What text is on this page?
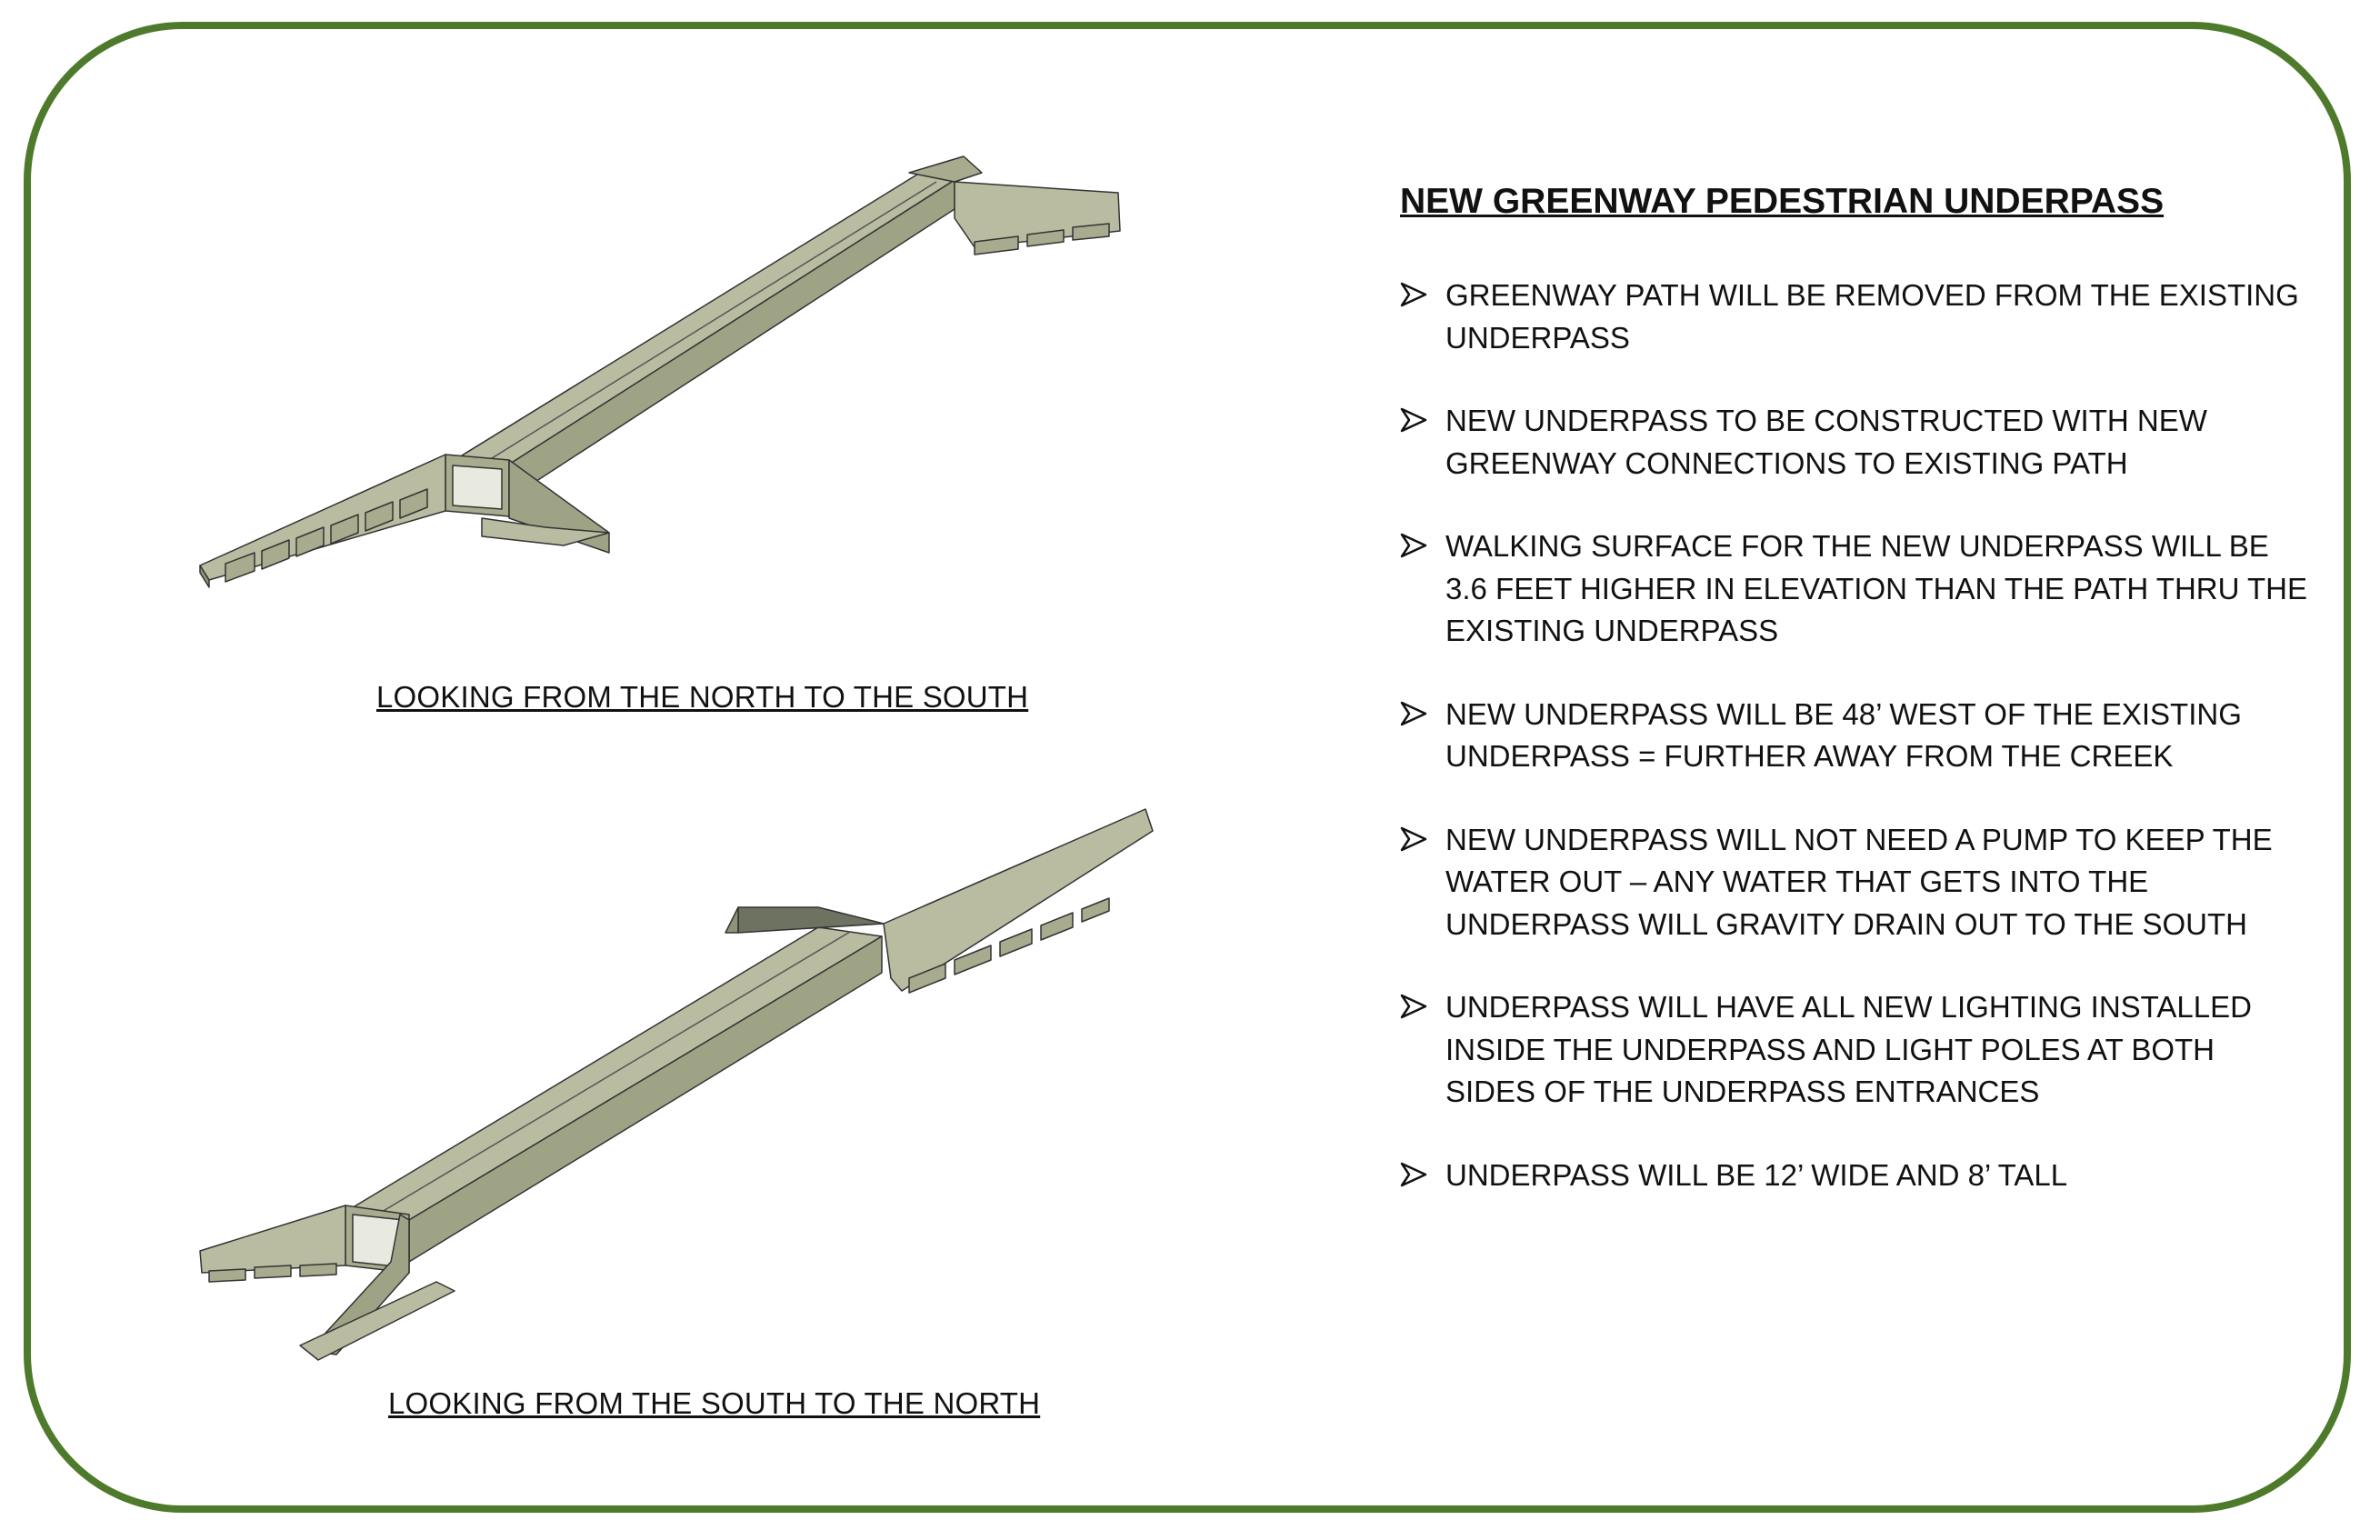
LOOKING FROM THE NORTH TO THE SOUTH
LOOKING FROM THE SOUTH TO THE NORTH
NEW GREENWAY PEDESTRIAN UNDERPASS
GREENWAY PATH WILL BE REMOVED FROM THE EXISTING UNDERPASS
NEW UNDERPASS TO BE CONSTRUCTED WITH NEW GREENWAY CONNECTIONS TO EXISTING PATH
WALKING SURFACE FOR THE NEW UNDERPASS WILL BE 3.6 FEET HIGHER IN ELEVATION THAN THE PATH THRU THE EXISTING UNDERPASS
NEW UNDERPASS WILL BE 48’ WEST OF THE EXISTING UNDERPASS = FURTHER AWAY FROM THE CREEK
NEW UNDERPASS WILL NOT NEED A PUMP TO KEEP THE WATER OUT – ANY WATER THAT GETS INTO THE UNDERPASS WILL GRAVITY DRAIN OUT TO THE SOUTH
UNDERPASS WILL HAVE ALL NEW LIGHTING INSTALLED INSIDE THE UNDERPASS AND LIGHT POLES AT BOTH SIDES OF THE UNDERPASS ENTRANCES
UNDERPASS WILL BE 12’ WIDE AND 8’ TALL
